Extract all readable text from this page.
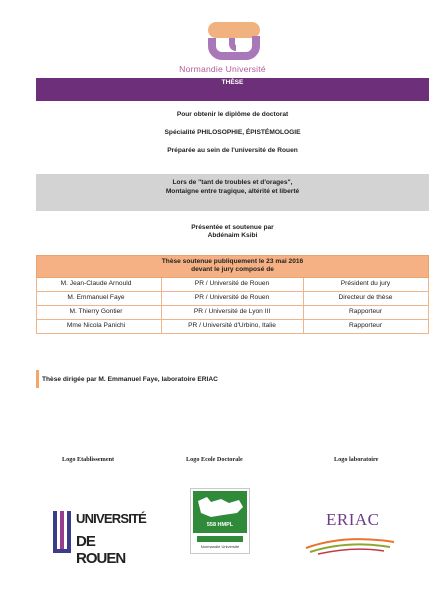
Normandie Université
THÈSE
Pour obtenir le diplôme de doctorat
Spécialité PHILOSOPHIE, ÉPISTÉMOLOGIE
Préparée au sein de l'université de Rouen
Lors de "tant de troubles et d'orages",
Montaigne entre tragique, altérité et liberté
Présentée et soutenue par
Abdénaim Ksibi
Thèse soutenue publiquement le 23 mai 2016
devant le jury composé de
M. Jean-Claude Arnould	PR / Université de Rouen	Président du jury
M. Emmanuel Faye	PR / Université de Rouen	Directeur de thèse
M. Thierry Gontier	PR / Université de Lyon III	Rapporteur
Mme Nicola Panichi	PR / Université d'Urbino, Italie	Rapporteur
Thèse dirigée par M. Emmanuel Faye, laboratoire ERIAC
Logo Etablissement	Logo Ecole Doctorale	Logo laboratoire
UNIVERSITÉ
DE ROUEN
558 HMPL
Normandie Université
ERIAC
